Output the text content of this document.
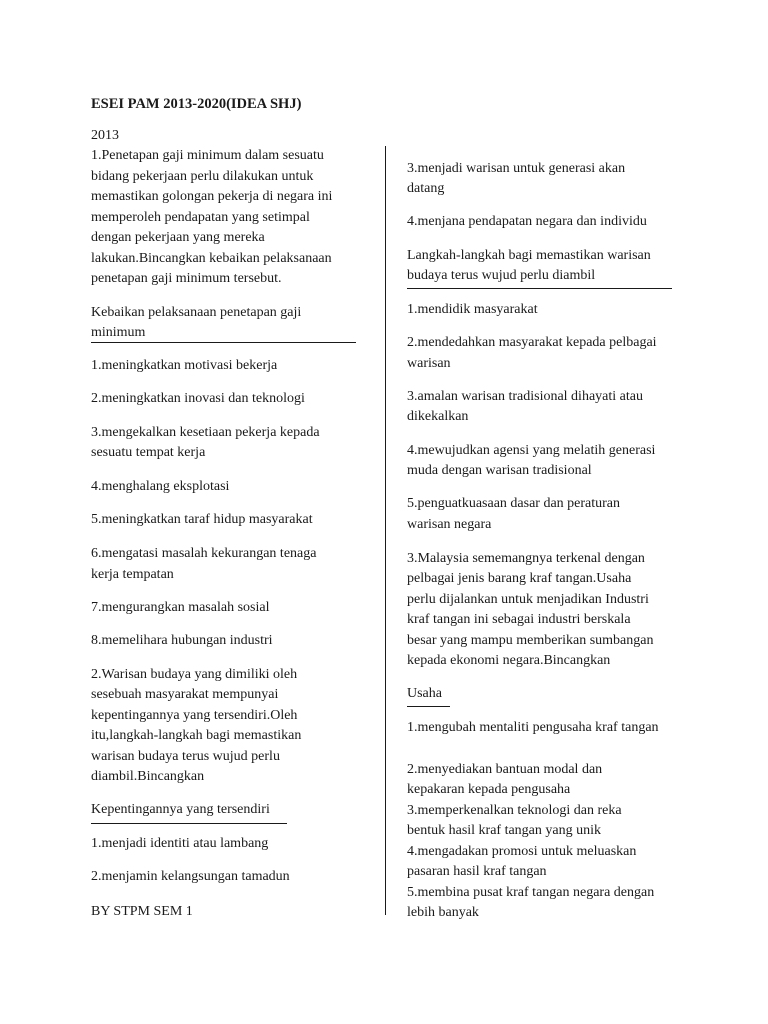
ESEI PAM 2013-2020(IDEA SHJ)
2013
1.Penetapan gaji minimum dalam sesuatu
bidang pekerjaan perlu dilakukan untuk
memastikan golongan pekerja di negara ini
memperoleh pendapatan yang setimpal
dengan pekerjaan yang mereka
lakukan.Bincangkan kebaikan pelaksanaan
penetapan gaji minimum tersebut.
Kebaikan pelaksanaan penetapan gaji
minimum
1.meningkatkan motivasi bekerja
2.meningkatkan inovasi dan teknologi
3.mengekalkan kesetiaan pekerja kepada
sesuatu tempat kerja
4.menghalang eksplotasi
5.meningkatkan taraf hidup masyarakat
6.mengatasi masalah kekurangan tenaga
kerja tempatan
7.mengurangkan masalah sosial
8.memelihara hubungan industri
2.Warisan budaya yang dimiliki oleh
sesebuah masyarakat mempunyai
kepentingannya yang tersendiri.Oleh
itu,langkah-langkah bagi memastikan
warisan budaya terus wujud perlu
diambil.Bincangkan
Kepentingannya yang tersendiri
1.menjadi identiti atau lambang
2.menjamin kelangsungan tamadun
BY STPM SEM 1
3.menjadi warisan untuk generasi akan
datang
4.menjana pendapatan negara dan individu
Langkah-langkah bagi memastikan warisan
budaya terus wujud perlu diambil
1.mendidik masyarakat
2.mendedahkan masyarakat kepada pelbagai
warisan
3.amalan warisan tradisional dihayati atau
dikekalkan
4.mewujudkan agensi yang melatih generasi
muda dengan warisan tradisional
5.penguatkuasaan dasar dan peraturan
warisan negara
3.Malaysia sememangnya terkenal dengan
pelbagai jenis barang kraf tangan.Usaha
perlu dijalankan untuk menjadikan Industri
kraf tangan ini sebagai industri berskala
besar yang mampu memberikan sumbangan
kepada ekonomi negara.Bincangkan
Usaha
1.mengubah mentaliti pengusaha kraf tangan
2.menyediakan bantuan modal dan
kepakaran kepada pengusaha
3.memperkenalkan teknologi dan reka
bentuk hasil kraf tangan yang unik
4.mengadakan promosi untuk meluaskan
pasaran hasil kraf tangan
5.membina pusat kraf tangan negara dengan
lebih banyak
